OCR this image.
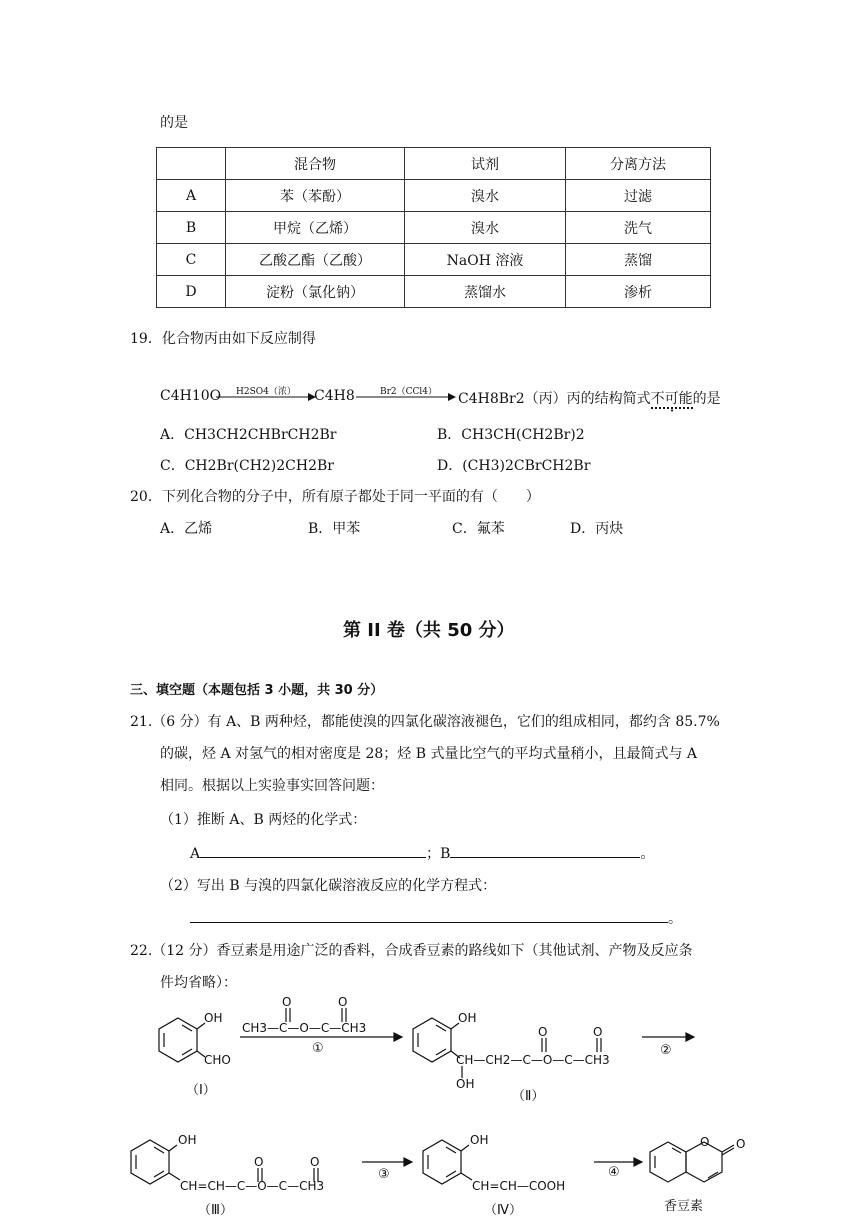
的是
	混合物	试剂	分离方法
A	苯（苯酚）	溴水	过滤
B	甲烷（乙烯）	溴水	洗气
C	乙酸乙酯（乙酸）	NaOH 溶液	蒸馏
D	淀粉（氯化钠）	蒸馏水	渗析
19．化合物丙由如下反应制得
C4H10O H2SO4（浓） C4H8	Br2（CCl4） C4H8Br2（丙）丙的结构简式不可能的是
A．CH3CH2CHBrCH2Br	B．CH3CH(CH2Br)2
C．CH2Br(CH2)2CH2Br	D．(CH3)2CBrCH2Br
20．下列化合物的分子中，所有原子都处于同一平面的有（　　）
A．乙烯	B．甲苯	C．氟苯	D．丙炔
第 II 卷（共 50 分）
三、填空题（本题包括 3 小题，共 30 分）
21.（6 分）有 A、B 两种烃，都能使溴的四氯化碳溶液褪色，它们的组成相同，都约含 85.7%
的碳，烃 A 对氢气的相对密度是 28；烃 B 式量比空气的平均式量稍小，且最简式与 A
相同。根据以上实验事实回答问题：
（1）推断 A、B 两烃的化学式：
A	；B	。
（2）写出 B 与溴的四氯化碳溶液反应的化学方程式：
。
22.（12 分）香豆素是用途广泛的香料，合成香豆素的路线如下（其他试剂、产物及反应条
件均省略）：
OH
CHO
O	O
CH3—C—O—C—CH3
OH
O	O
CH—CH2—C—O—C—CH3
OH
OH
O	O
CH=CH—C—O—C—CH3
OH
CH=CH—COOH
O O
①	②
③	④
（Ⅰ）	（Ⅱ）
（Ⅲ）	（Ⅳ）	香豆素
